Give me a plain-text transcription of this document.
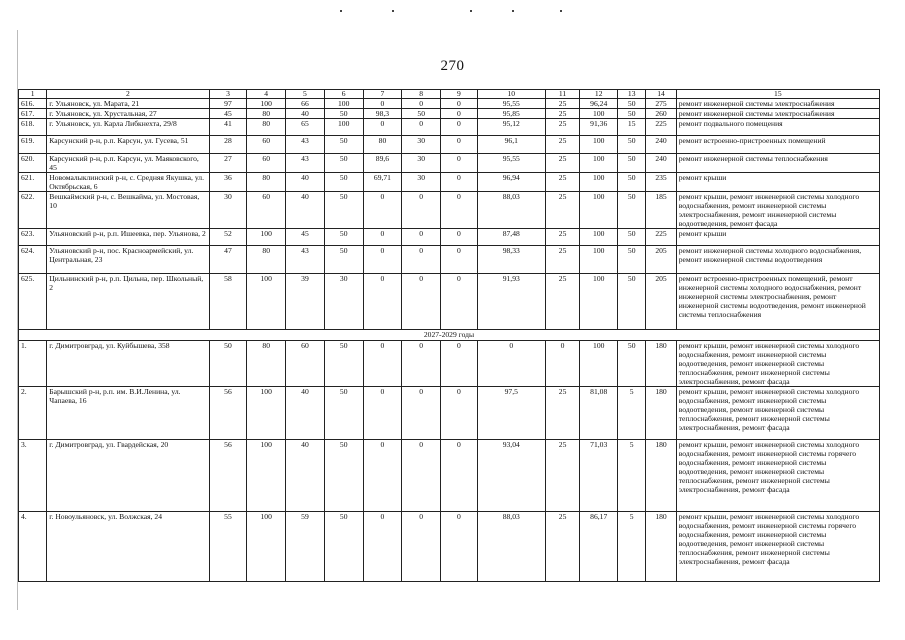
270
1	2	3	4	5	6	7	8	9	10	11	12	13	14	15
616.	г. Ульяновск, ул. Марата, 21	97	100	66	100	0	0	0	95,55	25	96,24	50	275	ремонт инженерной системы электроснабжения
617.	г. Ульяновск, ул. Хрустальная, 27	45	80	40	50	98,3	50	0	95,85	25	100	50	260	ремонт инженерной системы электроснабжения
618.	г. Ульяновск, ул. Карла Либкнехта, 29/8	41	80	65	100	0	0	0	95,12	25	91,36	15	225	ремонт подвального помещения
619.	Карсунский р-н, р.п. Карсун, ул. Гусева, 51	28	60	43	50	80	30	0	96,1	25	100	50	240	ремонт встроенно-пристроенных помещений
620.	Карсунский р-н, р.п. Карсун, ул. Маяковского, 45	27	60	43	50	89,6	30	0	95,55	25	100	50	240	ремонт инженерной системы теплоснабжения
621.	Новомалыклинский р-н, с. Средняя Якушка, ул. Октябрьская, 6	36	80	40	50	69,71	30	0	96,94	25	100	50	235	ремонт крыши
622.	Вешкаймский р-н, с. Вешкайма, ул. Мостовая, 10	30	60	40	50	0	0	0	88,03	25	100	50	185	ремонт крыши, ремонт инженерной системы холодного водоснабжения, ремонт инженерной системы электроснабжения, ремонт инженерной системы водоотведения, ремонт фасада
623.	Ульяновский р-н, р.п. Ишеевка, пер. Ульянова, 2	52	100	45	50	0	0	0	87,48	25	100	50	225	ремонт крыши
624.	Ульяновский р-н, пос. Красноармейский, ул. Центральная, 23	47	80	43	50	0	0	0	98,33	25	100	50	205	ремонт инженерной системы холодного водоснабжения, ремонт инженерной системы водоотведения
625.	Цильнинский р-н, р.п. Цильна, пер. Школьный, 2	58	100	39	30	0	0	0	91,93	25	100	50	205	ремонт встроенно-пристроенных помещений, ремонт инженерной системы холодного водоснабжения, ремонт инженерной системы электроснабжения, ремонт инженерной системы водоотведения, ремонт инженерной системы теплоснабжения
2027-2029 годы														
1.	г. Димитровград, ул. Куйбышева, 358	50	80	60	50	0	0	0	0	0	100	50	180	ремонт крыши, ремонт инженерной системы холодного водоснабжения, ремонт инженерной системы водоотведения, ремонт инженерной системы теплоснабжения, ремонт инженерной системы электроснабжения, ремонт фасада
2.	Барышский р-н, р.п. им. В.И.Ленина, ул. Чапаева, 16	56	100	40	50	0	0	0	97,5	25	81,08	5	180	ремонт крыши, ремонт инженерной системы холодного водоснабжения, ремонт инженерной системы водоотведения, ремонт инженерной системы теплоснабжения, ремонт инженерной системы электроснабжения, ремонт фасада
3.	г. Димитровград, ул. Гвардейская, 20	56	100	40	50	0	0	0	93,04	25	71,03	5	180	ремонт крыши, ремонт инженерной системы холодного водоснабжения, ремонт инженерной системы горячего водоснабжения, ремонт инженерной системы водоотведения, ремонт инженерной системы теплоснабжения, ремонт инженерной системы электроснабжения, ремонт фасада
4.	г. Новоульяновск, ул. Волжская, 24	55	100	59	50	0	0	0	88,03	25	86,17	5	180	ремонт крыши, ремонт инженерной системы холодного водоснабжения, ремонт инженерной системы горячего водоснабжения, ремонт инженерной системы водоотведения, ремонт инженерной системы теплоснабжения, ремонт инженерной системы электроснабжения, ремонт фасада
